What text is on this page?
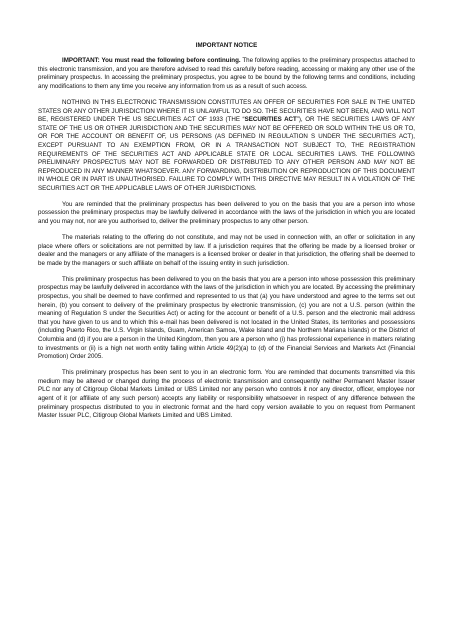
IMPORTANT NOTICE

IMPORTANT: You must read the following before continuing. The following applies to the preliminary prospectus attached to this electronic transmission, and you are therefore advised to read this carefully before reading, accessing or making any other use of the preliminary prospectus. In accessing the preliminary prospectus, you agree to be bound by the following terms and conditions, including any modifications to them any time you receive any information from us as a result of such access.

NOTHING IN THIS ELECTRONIC TRANSMISSION CONSTITUTES AN OFFER OF SECURITIES FOR SALE IN THE UNITED STATES OR ANY OTHER JURISDICTION WHERE IT IS UNLAWFUL TO DO SO. THE SECURITIES HAVE NOT BEEN, AND WILL NOT BE, REGISTERED UNDER THE US SECURITIES ACT OF 1933 (THE “SECURITIES ACT”), OR THE SECURITIES LAWS OF ANY STATE OF THE US OR OTHER JURISDICTION AND THE SECURITIES MAY NOT BE OFFERED OR SOLD WITHIN THE US OR TO, OR FOR THE ACCOUNT OR BENEFIT OF, US PERSONS (AS DEFINED IN REGULATION S UNDER THE SECURITIES ACT), EXCEPT PURSUANT TO AN EXEMPTION FROM, OR IN A TRANSACTION NOT SUBJECT TO, THE REGISTRATION REQUIREMENTS OF THE SECURITIES ACT AND APPLICABLE STATE OR LOCAL SECURITIES LAWS. THE FOLLOWING PRELIMINARY PROSPECTUS MAY NOT BE FORWARDED OR DISTRIBUTED TO ANY OTHER PERSON AND MAY NOT BE REPRODUCED IN ANY MANNER WHATSOEVER. ANY FORWARDING, DISTRIBUTION OR REPRODUCTION OF THIS DOCUMENT IN WHOLE OR IN PART IS UNAUTHORISED. FAILURE TO COMPLY WITH THIS DIRECTIVE MAY RESULT IN A VIOLATION OF THE SECURITIES ACT OR THE APPLICABLE LAWS OF OTHER JURISDICTIONS.

You are reminded that the preliminary prospectus has been delivered to you on the basis that you are a person into whose possession the preliminary prospectus may be lawfully delivered in accordance with the laws of the jurisdiction in which you are located and you may not, nor are you authorised to, deliver the preliminary prospectus to any other person.

The materials relating to the offering do not constitute, and may not be used in connection with, an offer or solicitation in any place where offers or solicitations are not permitted by law. If a jurisdiction requires that the offering be made by a licensed broker or dealer and the managers or any affiliate of the managers is a licensed broker or dealer in that jurisdiction, the offering shall be deemed to be made by the managers or such affiliate on behalf of the issuing entity in such jurisdiction.

This preliminary prospectus has been delivered to you on the basis that you are a person into whose possession this preliminary prospectus may be lawfully delivered in accordance with the laws of the jurisdiction in which you are located. By accessing the preliminary prospectus, you shall be deemed to have confirmed and represented to us that (a) you have understood and agree to the terms set out herein, (b) you consent to delivery of the preliminary prospectus by electronic transmission, (c) you are not a U.S. person (within the meaning of Regulation S under the Securities Act) or acting for the account or benefit of a U.S. person and the electronic mail address that you have given to us and to which this e-mail has been delivered is not located in the United States, its territories and possessions (including Puerto Rico, the U.S. Virgin Islands, Guam, American Samoa, Wake Island and the Northern Mariana Islands) or the District of Columbia and (d) if you are a person in the United Kingdom, then you are a person who (i) has professional experience in matters relating to investments or (ii) is a high net worth entity falling within Article 49(2)(a) to (d) of the Financial Services and Markets Act (Financial Promotion) Order 2005.

This preliminary prospectus has been sent to you in an electronic form. You are reminded that documents transmitted via this medium may be altered or changed during the process of electronic transmission and consequently neither Permanent Master Issuer PLC nor any of Citigroup Global Markets Limited or UBS Limited nor any person who controls it nor any director, officer, employee nor agent of it (or affiliate of any such person) accepts any liability or responsibility whatsoever in respect of any difference between the preliminary prospectus distributed to you in electronic format and the hard copy version available to you on request from Permanent Master Issuer PLC, Citigroup Global Markets Limited and UBS Limited.
